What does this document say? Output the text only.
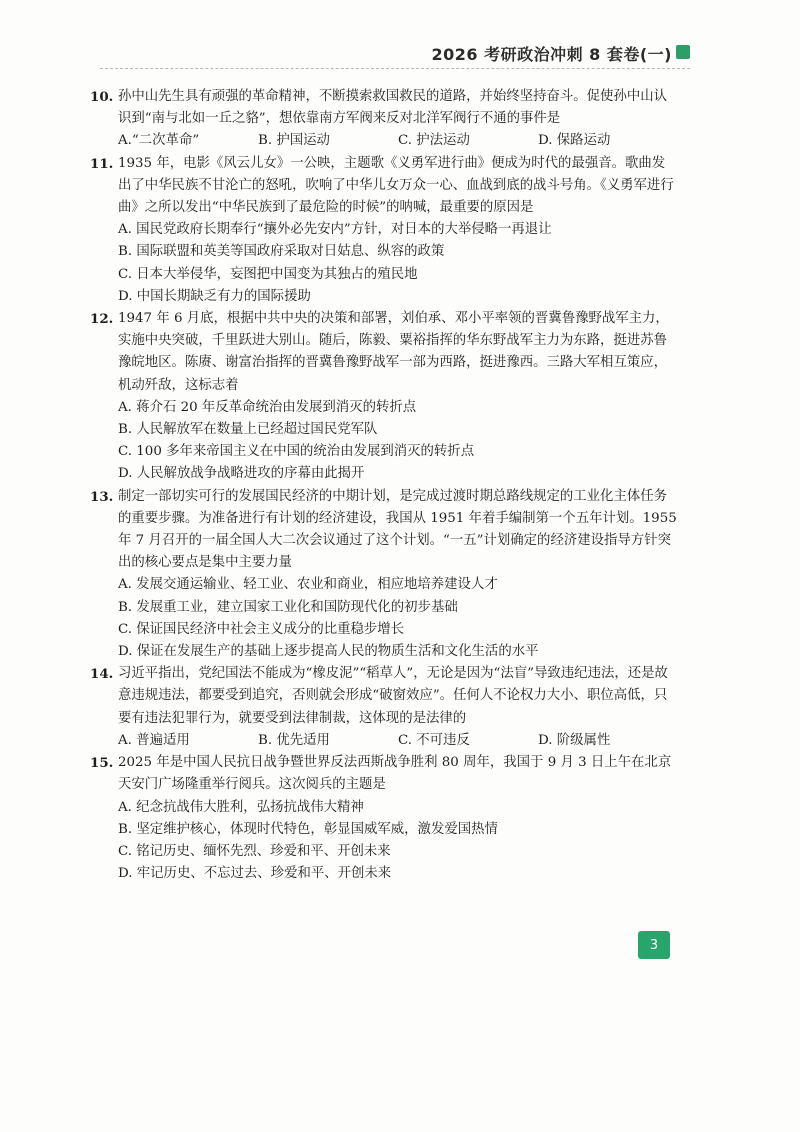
2026 考研政治冲刺 8 套卷(一)
10. 孙中山先生具有顽强的革命精神，不断摸索救国救民的道路，并始终坚持奋斗。促使孙中山认识到“南与北如一丘之貉”，想依靠南方军阀来反对北洋军阀行不通的事件是
A.“二次革命”	B. 护国运动	C. 护法运动	D. 保路运动
11. 1935 年，电影《风云儿女》一公映，主题歌《义勇军进行曲》便成为时代的最强音。歌曲发出了中华民族不甘沦亡的怒吼，吹响了中华儿女万众一心、血战到底的战斗号角。《义勇军进行曲》之所以发出“中华民族到了最危险的时候”的呐喊，最重要的原因是
A. 国民党政府长期奉行“攘外必先安内”方针，对日本的大举侵略一再退让
B. 国际联盟和英美等国政府采取对日姑息、纵容的政策
C. 日本大举侵华，妄图把中国变为其独占的殖民地
D. 中国长期缺乏有力的国际援助
12. 1947 年 6 月底，根据中共中央的决策和部署，刘伯承、邓小平率领的晋冀鲁豫野战军主力，实施中央突破，千里跃进大别山。随后，陈毅、粟裕指挥的华东野战军主力为东路，挺进苏鲁豫皖地区。陈赓、谢富治指挥的晋冀鲁豫野战军一部为西路，挺进豫西。三路大军相互策应，机动歼敌，这标志着
A. 蒋介石 20 年反革命统治由发展到消灭的转折点
B. 人民解放军在数量上已经超过国民党军队
C. 100 多年来帝国主义在中国的统治由发展到消灭的转折点
D. 人民解放战争战略进攻的序幕由此揭开
13. 制定一部切实可行的发展国民经济的中期计划，是完成过渡时期总路线规定的工业化主体任务的重要步骤。为准备进行有计划的经济建设，我国从 1951 年着手编制第一个五年计划。1955 年 7 月召开的一届全国人大二次会议通过了这个计划。“一五”计划确定的经济建设指导方针突出的核心要点是集中主要力量
A. 发展交通运输业、轻工业、农业和商业，相应地培养建设人才
B. 发展重工业，建立国家工业化和国防现代化的初步基础
C. 保证国民经济中社会主义成分的比重稳步增长
D. 保证在发展生产的基础上逐步提高人民的物质生活和文化生活的水平
14. 习近平指出，党纪国法不能成为“橡皮泥”“稻草人”，无论是因为“法盲”导致违纪违法，还是故意违规违法，都要受到追究，否则就会形成“破窗效应”。任何人不论权力大小、职位高低，只要有违法犯罪行为，就要受到法律制裁，这体现的是法律的
A. 普遍适用	B. 优先适用	C. 不可违反	D. 阶级属性
15. 2025 年是中国人民抗日战争暨世界反法西斯战争胜利 80 周年，我国于 9 月 3 日上午在北京天安门广场隆重举行阅兵。这次阅兵的主题是
A. 纪念抗战伟大胜利，弘扬抗战伟大精神
B. 坚定维护核心，体现时代特色，彰显国威军威，激发爱国热情
C. 铭记历史、缅怀先烈、珍爱和平、开创未来
D. 牢记历史、不忘过去、珍爱和平、开创未来
3
